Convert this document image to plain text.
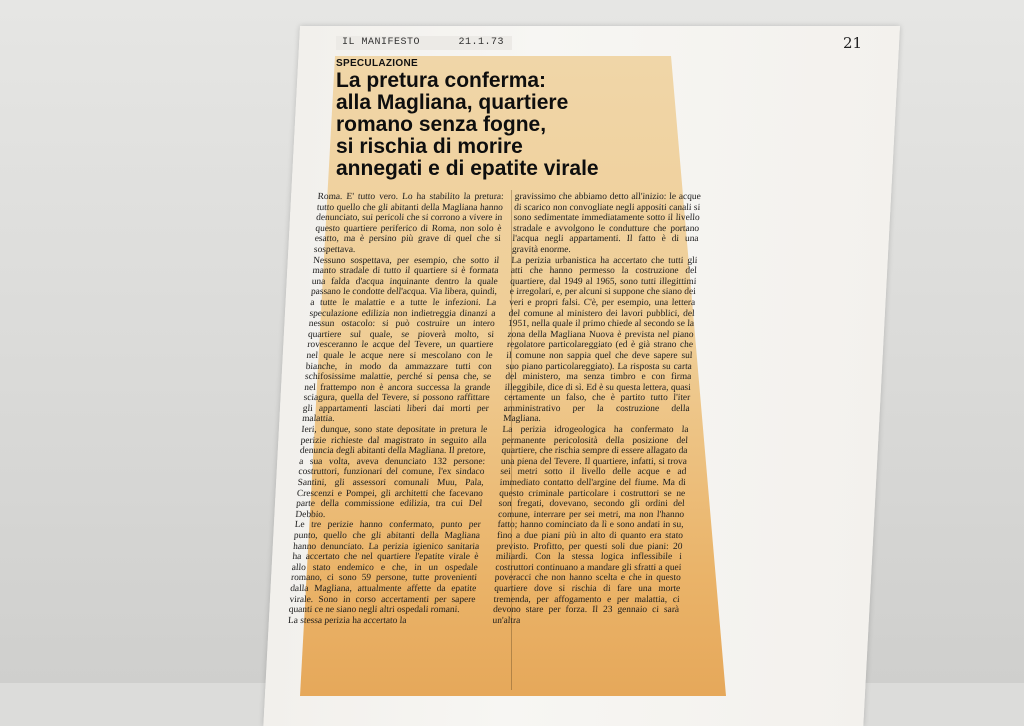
21
IL MANIFESTO	21.1.73
SPECULAZIONE
La pretura conferma:
alla Magliana, quartiere
romano senza fogne,
si rischia di morire
annegati e di epatite virale

Roma. E' tutto vero. Lo ha stabilito la pretura: tutto quello che gli abitanti della Magliana hanno denunciato, sui pericoli che si corrono a vivere in questo quartiere periferico di Roma, non solo è esatto, ma è persino più grave di quel che si sospettava.

Nessuno sospettava, per esempio, che sotto il manto stradale di tutto il quartiere si è formata una falda d'acqua inquinante dentro la quale passano le condotte dell'acqua. Via libera, quindi, a tutte le malattie e a tutte le infezioni. La speculazione edilizia non indietreggia dinanzi a nessun ostacolo: si può costruire un intero quartiere sul quale, se pioverà molto, si rovesceranno le acque del Tevere, un quartiere nel quale le acque nere si mescolano con le bianche, in modo da ammazzare tutti con schifosissime malattie, perché si pensa che, se nel frattempo non è ancora successa la grande sciagura, quella del Tevere, si possono raffittare gli appartamenti lasciati liberi dai morti per malattia.

Ieri, dunque, sono state depositate in pretura le perizie richieste dal magistrato in seguito alla denuncia degli abitanti della Magliana. Il pretore, a sua volta, aveva denunciato 132 persone: costruttori, funzionari del comune, l'ex sindaco Santini, gli assessori comunali Muu, Pala, Crescenzi e Pompei, gli architetti che facevano parte della commissione edilizia, tra cui Del Debbio.

Le tre perizie hanno confermato, punto per punto, quello che gli abitanti della Magliana hanno denunciato. La perizia igienico sanitaria ha accertato che nel quartiere l'epatite virale è allo stato endemico e che, in un ospedale romano, ci sono 59 persone, tutte provenienti dalla Magliana, attualmente affette da epatite virale. Sono in corso accertamenti per sapere quanti ce ne siano negli altri ospedali romani.

La stessa perizia ha accertato la

gravissimo che abbiamo detto all'inizio: le acque di scarico non convogliate negli appositi canali si sono sedimentate immediatamente sotto il livello stradale e avvolgono le condutture che portano l'acqua negli appartamenti. Il fatto è di una gravità enorme.

La perizia urbanistica ha accertato che tutti gli atti che hanno permesso la costruzione del quartiere, dal 1949 al 1965, sono tutti illegittimi e irregolari, e, per alcuni si suppone che siano dei veri e propri falsi. C'è, per esempio, una lettera del comune al ministero dei lavori pubblici, del 1951, nella quale il primo chiede al secondo se la zona della Magliana Nuova è prevista nel piano regolatore particolareggiato (ed è già strano che il comune non sappia quel che deve sapere sul suo piano particolareggiato). La risposta su carta del ministero, ma senza timbro e con firma illeggibile, dice di sì. Ed è su questa lettera, quasi certamente un falso, che è partito tutto l'iter amministrativo per la costruzione della Magliana.

La perizia idrogeologica ha confermato la permanente pericolosità della posizione del quartiere, che rischia sempre di essere allagato da una piena del Tevere. Il quartiere, infatti, si trova sei metri sotto il livello delle acque e ad immediato contatto dell'argine del fiume. Ma di questo criminale particolare i costruttori se ne son fregati, dovevano, secondo gli ordini del comune, interrare per sei metri, ma non l'hanno fatto; hanno cominciato da lì e sono andati in su, fino a due piani più in alto di quanto era stato previsto. Profitto, per questi soli due piani: 20 miliardi. Con la stessa logica inflessibile i costruttori continuano a mandare gli sfratti a quei poveracci che non hanno scelta e che in questo quartiere dove si rischia di fare una morte tremenda, per affogamento e per malattia, ci devono stare per forza. Il 23 gennaio ci sarà un'altra
